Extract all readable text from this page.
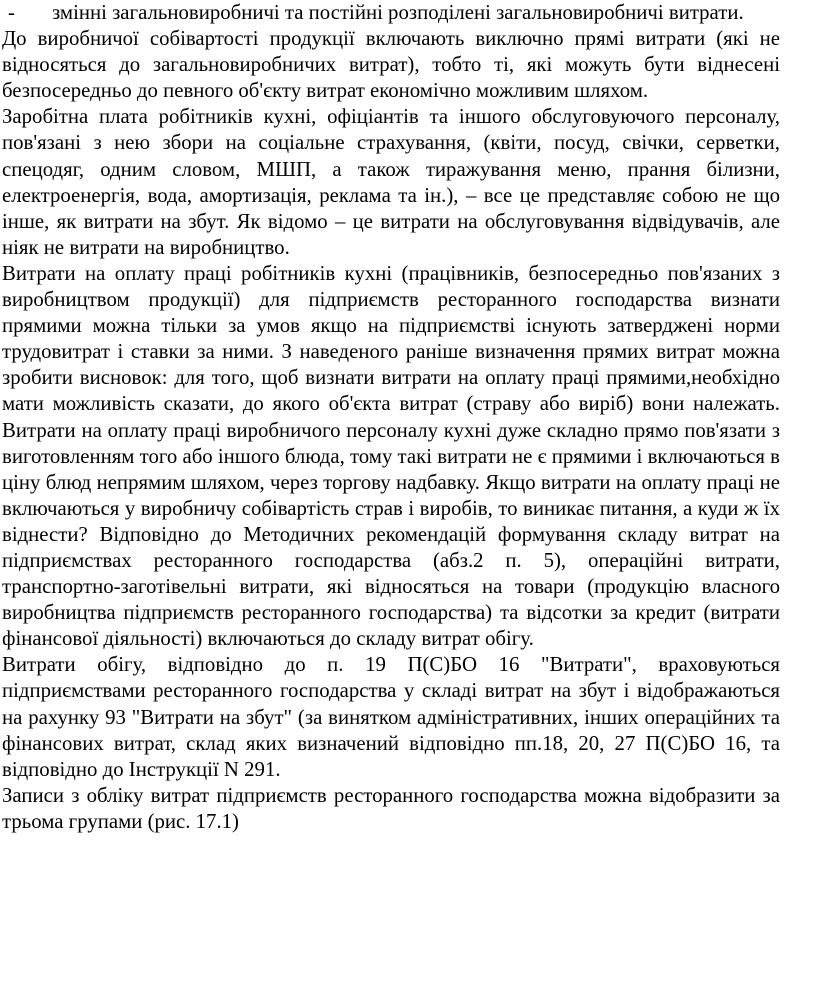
- змінні загальновиробничі та постійні розподілені загальновиробничі витрати.

До виробничої собівартості продукції включають виключно прямі витрати (які не відносяться до загальновиробничих витрат), тобто ті, які можуть бути віднесені безпосередньо до певного об'єкту витрат економічно можливим шляхом.

Заробітна плата робітників кухні, офіціантів та іншого обслуговуючого персоналу, пов'язані з нею збори на соціальне страхування, (квіти, посуд, свічки, серветки, спецодяг, одним словом, МШП, а також тиражування меню, прання білизни, електроенергія, вода, амортизація, реклама та ін.), – все це представляє собою не що інше, як витрати на збут. Як відомо – це витрати на обслуговування відвідувачів, але ніяк не витрати на виробництво.

Витрати на оплату праці робітників кухні (працівників, безпосередньо пов'язаних з виробництвом продукції) для підприємств ресторанного господарства визнати прямими можна тільки за умов якщо на підприємстві існують затверджені норми трудовитрат і ставки за ними. З наведеного раніше визначення прямих витрат можна зробити висновок: для того, щоб визнати витрати на оплату праці прямими,необхідно мати можливість сказати, до якого об'єкта витрат (страву або виріб) вони належать. Витрати на оплату праці виробничого персоналу кухні дуже складно прямо пов'язати з виготовленням того або іншого блюда, тому такі витрати не є прямими і включаються в ціну блюд непрямим шляхом, через торгову надбавку. Якщо витрати на оплату праці не включаються у виробничу собівартість страв і виробів, то виникає питання, а куди ж їх віднести? Відповідно до Методичних рекомендацій формування складу витрат на підприємствах ресторанного господарства (абз.2 п. 5), операційні витрати, транспортно-заготівельні витрати, які відносяться на товари (продукцію власного виробництва підприємств ресторанного господарства) та відсотки за кредит (витрати фінансової діяльності) включаються до складу витрат обігу.

Витрати обігу, відповідно до п. 19 П(С)БО 16 "Витрати", враховуються підприємствами ресторанного господарства у складі витрат на збут і відображаються на рахунку 93 "Витрати на збут" (за винятком адміністративних, інших операційних та фінансових витрат, склад яких визначений відповідно пп.18, 20, 27 П(С)БО 16, та відповідно до Інструкції N 291.

Записи з обліку витрат підприємств ресторанного господарства можна відобразити за трьома групами (рис. 17.1)
